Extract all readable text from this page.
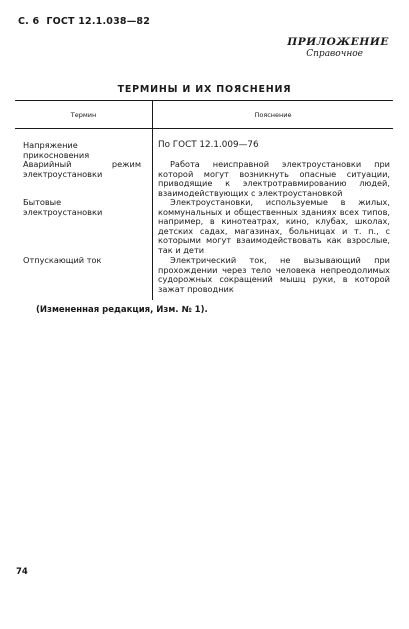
С. 6 ГОСТ 12.1.038—82
ПРИЛОЖЕНИЕ
Справочное
ТЕРМИНЫ И ИХ ПОЯСНЕНИЯ
Термин	Пояснение
Напряжение прикосновения
По ГОСТ 12.1.009—76
Аварийный режим электроустановки
Работа неисправной электроустановки при которой могут возникнуть опасные ситуации, приводящие к электротравмированию людей, взаимодействующих с электроустановкой
Бытовые электроустановки
Электроустановки, используемые в жилых, коммунальных и общественных зданиях всех типов, например, в кинотеатрах, кино, клубах, школах, детских садах, магазинах, больницах и т. п., с которыми могут взаимодействовать как взрослые, так и дети
Отпускающий ток	Электрический ток, не вызывающий при прохождении через тело человека непреодолимых судорожных сокращений мышц руки, в которой зажат проводник
(Измененная редакция, Изм. № 1).
74
